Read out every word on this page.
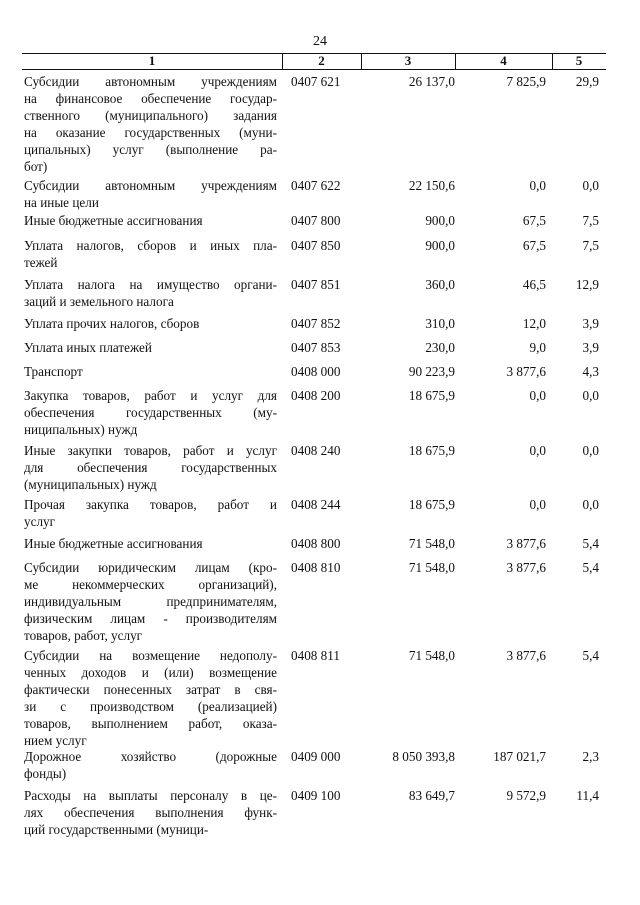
24
1	2	3	4	5
Субсидии автономным учреждениям
на финансовое обеспечение государ-
ственного (муниципального) задания
на оказание государственных (муни-
ципальных) услуг (выполнение ра-
бот)
0407 621	26 137,0	7 825,9	29,9
Субсидии автономным учреждениям
на иные цели
0407 622	22 150,6	0,0	0,0
Иные бюджетные ассигнования	0407 800	900,0	67,5	7,5
Уплата налогов, сборов и иных пла-
тежей
0407 850	900,0	67,5	7,5
Уплата налога на имущество органи-
заций и земельного налога
0407 851	360,0	46,5	12,9
Уплата прочих налогов, сборов	0407 852	310,0	12,0	3,9
Уплата иных платежей	0407 853	230,0	9,0	3,9
Транспорт	0408 000	90 223,9	3 877,6	4,3
Закупка товаров, работ и услуг для
обеспечения государственных (му-
ниципальных) нужд
0408 200	18 675,9	0,0	0,0
Иные закупки товаров, работ и услуг
для обеспечения государственных
(муниципальных) нужд
0408 240	18 675,9	0,0	0,0
Прочая закупка товаров, работ и
услуг
0408 244	18 675,9	0,0	0,0
Иные бюджетные ассигнования	0408 800	71 548,0	3 877,6	5,4
Субсидии юридическим лицам (кро-
ме некоммерческих организаций),
индивидуальным предпринимателям,
физическим лицам - производителям
товаров, работ, услуг
0408 810	71 548,0	3 877,6	5,4
Субсидии на возмещение недополу-
ченных доходов и (или) возмещение
фактически понесенных затрат в свя-
зи с производством (реализацией)
товаров, выполнением работ, оказа-
нием услуг
0408 811	71 548,0	3 877,6	5,4
Дорожное хозяйство (дорожные
фонды)
0409 000	8 050 393,8	187 021,7	2,3
Расходы на выплаты персоналу в це-
лях обеспечения выполнения функ-
ций государственными (муници-
0409 100	83 649,7	9 572,9	11,4
